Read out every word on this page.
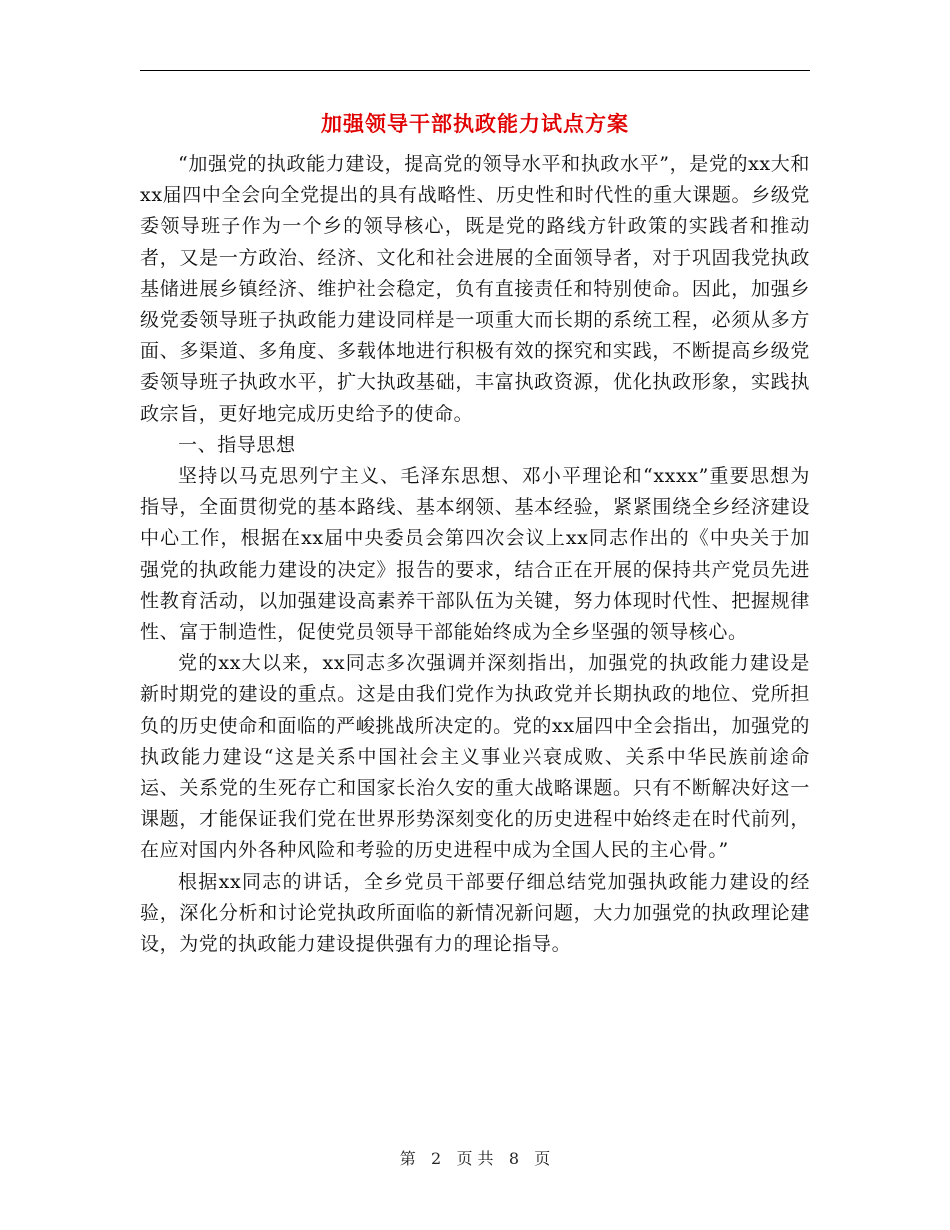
加强领导干部执政能力试点方案

“加强党的执政能力建设，提高党的领导水平和执政水平”，是党的xx大和xx届四中全会向全党提出的具有战略性、历史性和时代性的重大课题。乡级党委领导班子作为一个乡的领导核心，既是党的路线方针政策的实践者和推动者，又是一方政治、经济、文化和社会进展的全面领导者，对于巩固我党执政基储进展乡镇经济、维护社会稳定，负有直接责任和特别使命。因此，加强乡级党委领导班子执政能力建设同样是一项重大而长期的系统工程，必须从多方面、多渠道、多角度、多载体地进行积极有效的探究和实践，不断提高乡级党委领导班子执政水平，扩大执政基础，丰富执政资源，优化执政形象，实践执政宗旨，更好地完成历史给予的使命。

一、指导思想

坚持以马克思列宁主义、毛泽东思想、邓小平理论和“xxxx”重要思想为指导，全面贯彻党的基本路线、基本纲领、基本经验，紧紧围绕全乡经济建设中心工作，根据在xx届中央委员会第四次会议上xx同志作出的《中央关于加强党的执政能力建设的决定》报告的要求，结合正在开展的保持共产党员先进性教育活动，以加强建设高素养干部队伍为关键，努力体现时代性、把握规律性、富于制造性，促使党员领导干部能始终成为全乡坚强的领导核心。

党的xx大以来，xx同志多次强调并深刻指出，加强党的执政能力建设是新时期党的建设的重点。这是由我们党作为执政党并长期执政的地位、党所担负的历史使命和面临的严峻挑战所决定的。党的xx届四中全会指出，加强党的执政能力建设“这是关系中国社会主义事业兴衰成败、关系中华民族前途命运、关系党的生死存亡和国家长治久安的重大战略课题。只有不断解决好这一课题，才能保证我们党在世界形势深刻变化的历史进程中始终走在时代前列，在应对国内外各种风险和考验的历史进程中成为全国人民的主心骨。”

根据xx同志的讲话，全乡党员干部要仔细总结党加强执政能力建设的经验，深化分析和讨论党执政所面临的新情况新问题，大力加强党的执政理论建设，为党的执政能力建设提供强有力的理论指导。

第 2 页 共 8 页
